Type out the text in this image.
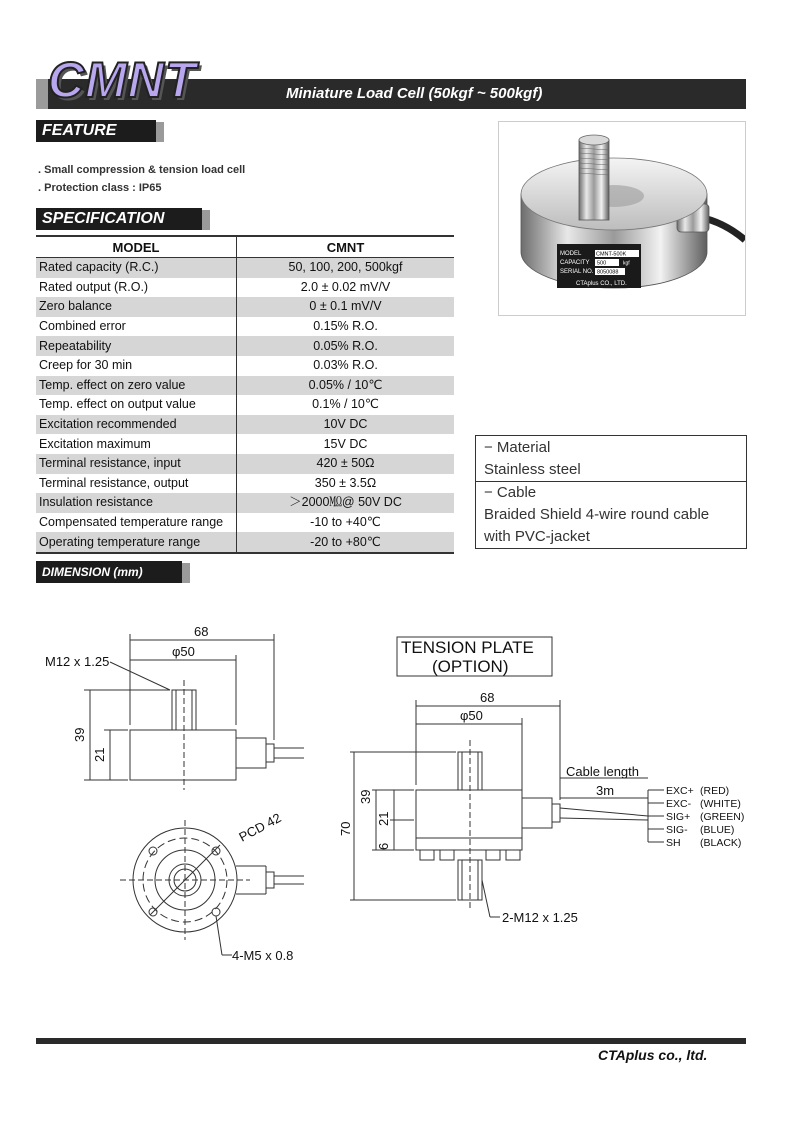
CMNT	Miniature Load Cell (50kgf ~ 500kgf)
FEATURE
. Small compression & tension load cell
. Protection class : IP65
SPECIFICATION
MODEL	CMNT
Rated capacity (R.C.)	50, 100, 200, 500kgf
Rated output (R.O.)	2.0 ± 0.02 mV/V
Zero balance	0 ± 0.1 mV/V
Combined error	0.15% R.O.
Repeatability	0.05% R.O.
Creep for 30 min	0.03% R.O.
Temp. effect on zero value	0.05% / 10℃
Temp. effect on output value	0.1% / 10℃
Excitation recommended	10V DC
Excitation maximum	15V DC
Terminal resistance, input	420 ± 50Ω
Terminal resistance, output	350 ± 3.5Ω
Insulation resistance	＞2000㏁@ 50V DC
Compensated temperature range	-10 to +40℃
Operating temperature range	-20 to +80℃
MODEL
CAPACITY
SERIAL NO.
CMNT-500K
500	kgf
8050088
CTAplus CO., LTD.
− Material
Stainless steel
− Cable
Braided Shield 4-wire round cable
with PVC-jacket
DIMENSION (mm)
68
φ50
M12 x 1.25
39
21
PCD 42
4-M5 x 0.8
TENSION PLATE
(OPTION)
68
φ50
70
39
21
6
Cable length
3m
2-M12 x 1.25
EXC+ (RED)
EXC- (WHITE)
SIG+ (GREEN)
SIG- (BLUE)
SH (BLACK)
CTAplus co., ltd.
